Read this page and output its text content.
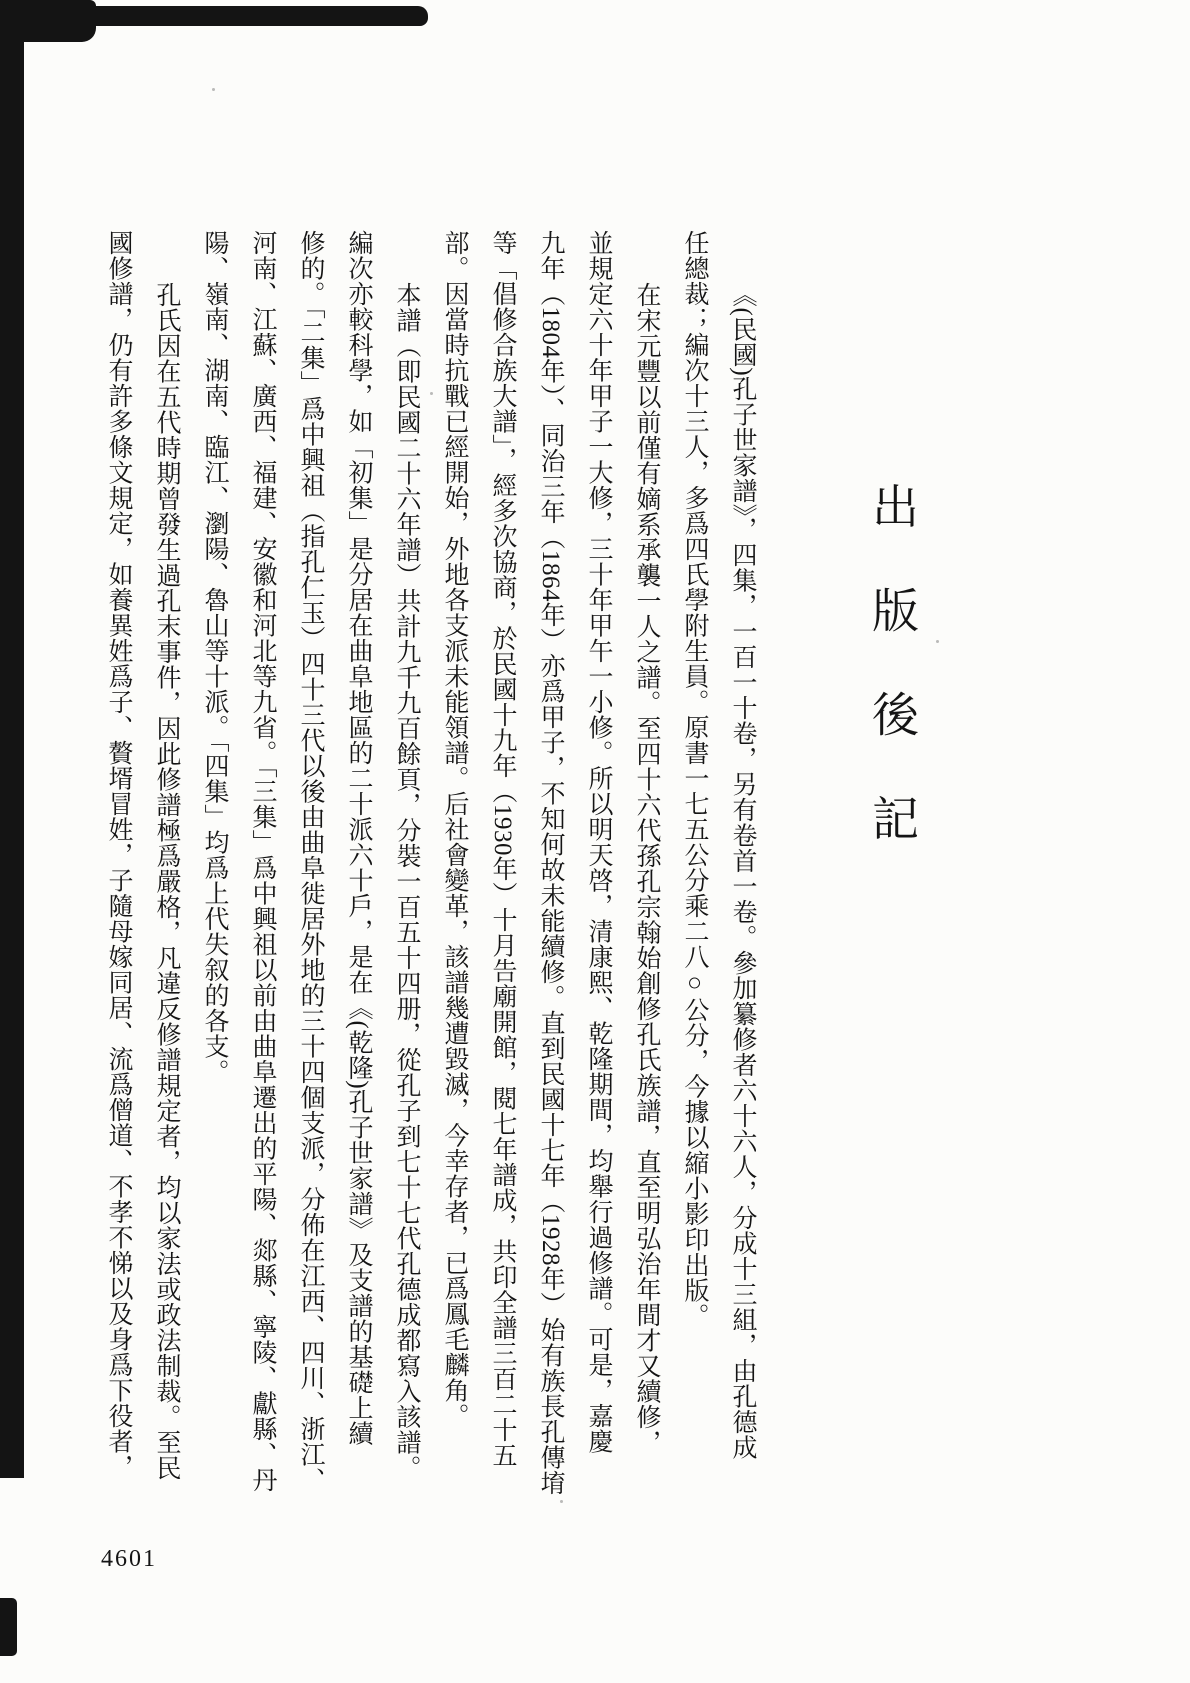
出版後記
《(民國)孔子世家譜》，四集，一百一十卷，另有卷首一卷。參加纂修者六十六人，分成十三組，由孔德成
任總裁；編次十三人，多爲四氏學附生員。原書一七五公分乘二八○公分，今據以縮小影印出版。
在宋元豐以前僅有嫡系承襲一人之譜。至四十六代孫孔宗翰始創修孔氏族譜，直至明弘治年間才又續修，
並規定六十年甲子一大修，三十年甲午一小修。所以明天啓，清康熙、乾隆期間，均舉行過修譜。可是，嘉慶
九年（1804年）、同治三年（1864年）亦爲甲子，不知何故未能續修。直到民國十七年（1928年）始有族長孔傳堉
等「倡修合族大譜」，經多次協商，於民國十九年（1930年）十月告廟開館，閱七年譜成，共印全譜三百二十五
部。因當時抗戰已經開始，外地各支派未能領譜。后社會變革，該譜幾遭毀滅，今幸存者，已爲鳳毛麟角。
本譜（即民國二十六年譜）共計九千九百餘頁，分裝一百五十四册，從孔子到七十七代孔德成都寫入該譜。
編次亦較科學，如「初集」是分居在曲阜地區的二十派六十戶，是在《(乾隆)孔子世家譜》及支譜的基礎上續
修的。「二集」爲中興祖（指孔仁玉）四十三代以後由曲阜徙居外地的三十四個支派，分佈在江西、四川、浙江、
河南、江蘇、廣西、福建、安徽和河北等九省。「三集」爲中興祖以前由曲阜遷出的平陽、郯縣、寧陵、獻縣、丹
陽、嶺南、湖南、臨江、瀏陽、魯山等十派。「四集」均爲上代失叙的各支。
孔氏因在五代時期曾發生過孔末事件，因此修譜極爲嚴格，凡違反修譜規定者，均以家法或政法制裁。至民
國修譜，仍有許多條文規定，如養異姓爲子、贅壻冒姓，子隨母嫁同居、流爲僧道、不孝不悌以及身爲下役者，
4601
